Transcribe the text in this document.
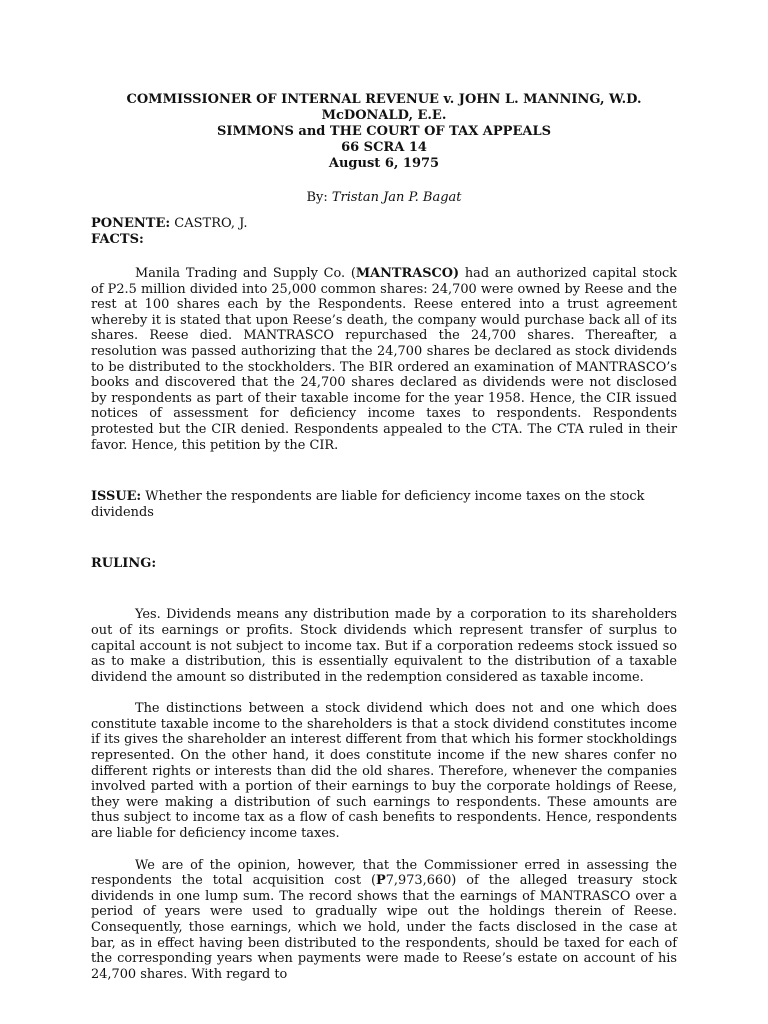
COMMISSIONER OF INTERNAL REVENUE v. JOHN L. MANNING, W.D. McDONALD, E.E.
SIMMONS and THE COURT OF TAX APPEALS
66 SCRA 14
August 6, 1975
By: Tristan Jan P. Bagat
PONENTE: CASTRO, J.
FACTS:

Manila Trading and Supply Co. (MANTRASCO) had an authorized capital stock of P2.5 million divided into 25,000 common shares: 24,700 were owned by Reese and the rest at 100 shares each by the Respondents. Reese entered into a trust agreement whereby it is stated that upon Reese’s death, the company would purchase back all of its shares. Reese died. MANTRASCO repurchased the 24,700 shares. Thereafter, a resolution was passed authorizing that the 24,700 shares be declared as stock dividends to be distributed to the stockholders. The BIR ordered an examination of MANTRASCO’s books and discovered that the 24,700 shares declared as dividends were not disclosed by respondents as part of their taxable income for the year 1958. Hence, the CIR issued notices of assessment for deficiency income taxes to respondents. Respondents protested but the CIR denied. Respondents appealed to the CTA. The CTA ruled in their favor. Hence, this petition by the CIR.

ISSUE: Whether the respondents are liable for deficiency income taxes on the stock dividends

RULING:

Yes. Dividends means any distribution made by a corporation to its shareholders out of its earnings or profits. Stock dividends which represent transfer of surplus to capital account is not subject to income tax. But if a corporation redeems stock issued so as to make a distribution, this is essentially equivalent to the distribution of a taxable dividend the amount so distributed in the redemption considered as taxable income.

The distinctions between a stock dividend which does not and one which does constitute taxable income to the shareholders is that a stock dividend constitutes income if its gives the shareholder an interest different from that which his former stockholdings represented. On the other hand, it does constitute income if the new shares confer no different rights or interests than did the old shares. Therefore, whenever the companies involved parted with a portion of their earnings to buy the corporate holdings of Reese, they were making a distribution of such earnings to respondents. These amounts are thus subject to income tax as a flow of cash benefits to respondents. Hence, respondents are liable for deficiency income taxes.

We are of the opinion, however, that the Commissioner erred in assessing the respondents the total acquisition cost (P7,973,660) of the alleged treasury stock dividends in one lump sum. The record shows that the earnings of MANTRASCO over a period of years were used to gradually wipe out the holdings therein of Reese. Consequently, those earnings, which we hold, under the facts disclosed in the case at bar, as in effect having been distributed to the respondents, should be taxed for each of the corresponding years when payments were made to Reese’s estate on account of his 24,700 shares. With regard to
